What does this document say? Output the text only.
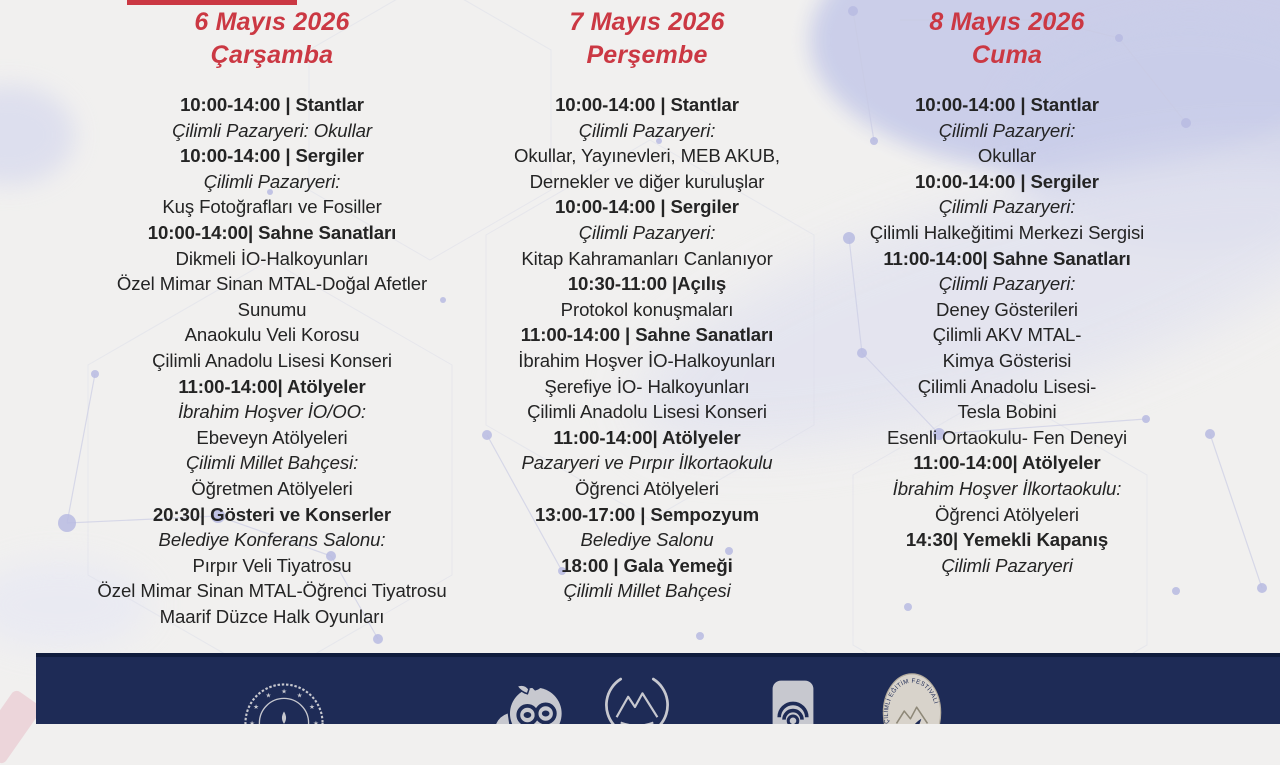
6 Mayıs 2026
Çarşamba
10:00-14:00 | Stantlar
Çilimli Pazaryeri: Okullar
10:00-14:00 | Sergiler
Çilimli Pazaryeri:
Kuş Fotoğrafları ve Fosiller
10:00-14:00| Sahne Sanatları
Dikmeli İO-Halkoyunları
Özel Mimar Sinan MTAL-Doğal Afetler
Sunumu
Anaokulu Veli Korosu
Çilimli Anadolu Lisesi Konseri
11:00-14:00| Atölyeler
İbrahim Hoşver İO/OO:
Ebeveyn Atölyeleri
Çilimli Millet Bahçesi:
Öğretmen Atölyeleri
20:30| Gösteri ve Konserler
Belediye Konferans Salonu:
Pırpır Veli Tiyatrosu
Özel Mimar Sinan MTAL-Öğrenci Tiyatrosu
Maarif Düzce Halk Oyunları
7 Mayıs 2026
Perşembe
10:00-14:00 | Stantlar
Çilimli Pazaryeri:
Okullar, Yayınevleri, MEB AKUB,
Dernekler ve diğer kuruluşlar
10:00-14:00 | Sergiler
Çilimli Pazaryeri:
Kitap Kahramanları Canlanıyor
10:30-11:00 |Açılış
Protokol konuşmaları
11:00-14:00 | Sahne Sanatları
İbrahim Hoşver İO-Halkoyunları
Şerefiye İO- Halkoyunları
Çilimli Anadolu Lisesi Konseri
11:00-14:00| Atölyeler
Pazaryeri ve Pırpır İlkortaokulu
Öğrenci Atölyeleri
13:00-17:00 | Sempozyum
Belediye Salonu
18:00 | Gala Yemeği
Çilimli Millet Bahçesi
8 Mayıs 2026
Cuma
10:00-14:00 | Stantlar
Çilimli Pazaryeri:
Okullar
10:00-14:00 | Sergiler
Çilimli Pazaryeri:
Çilimli Halkeğitimi Merkezi Sergisi
11:00-14:00| Sahne Sanatları
Çilimli Pazaryeri:
Deney Gösterileri
Çilimli AKV MTAL-
Kimya Gösterisi
Çilimli Anadolu Lisesi-
Tesla Bobini
Esenli Ortaokulu- Fen Deneyi
11:00-14:00| Atölyeler
İbrahim Hoşver İlkortaokulu:
Öğrenci Atölyeleri
14:30| Yemekli Kapanış
Çilimli Pazaryeri
★
★
★
★
★
★
★
★
★
★
★
★
ÇİLİMLİ EĞİTİM FESTİVALİ
